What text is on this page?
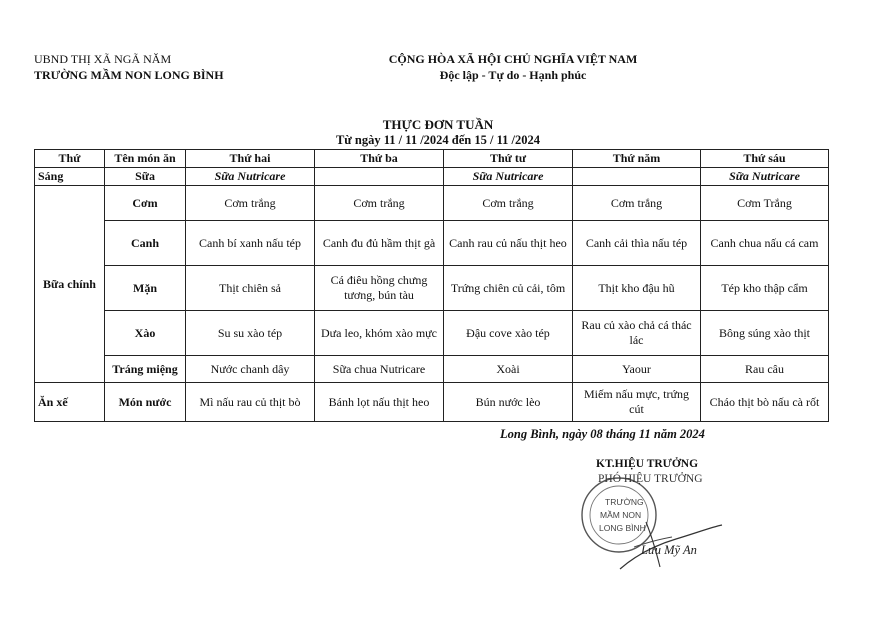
UBND THỊ XÃ NGÃ NĂM
TRƯỜNG MẦM NON LONG BÌNH
CỘNG HÒA XÃ HỘI CHỦ NGHĨA VIỆT NAM
Độc lập - Tự do - Hạnh phúc
THỰC ĐƠN TUẦN
Từ ngày 11 / 11 /2024 đến 15 / 11 /2024
Thứ	Tên món ăn	Thứ hai	Thứ ba	Thứ tư	Thứ năm	Thứ sáu
Sáng	Sữa	Sữa Nutricare		Sữa Nutricare		Sữa Nutricare
Bữa chính	Cơm	Cơm trắng	Cơm trắng	Cơm trắng	Cơm trắng	Cơm Trắng
	Canh	Canh bí xanh nấu tép	Canh đu đủ hầm thịt gà	Canh rau củ nấu thịt heo	Canh cải thìa nấu tép	Canh chua nấu cá cam
	Mặn	Thịt chiên sả	Cá điêu hồng chưng tương, bún tàu	Trứng chiên củ cải, tôm	Thịt kho đậu hũ	Tép kho thập cẩm
	Xào	Su su xào tép	Dưa leo, khóm xào mực	Đậu cove xào tép	Rau củ xào chả cá thác lác	Bông súng xào thịt
	Tráng miệng	Nước chanh dây	Sữa chua Nutricare	Xoài	Yaour	Rau câu
Ăn xế	Món nước	Mì nấu rau củ thịt bò	Bánh lọt nấu thịt heo	Bún nước lèo	Miếm nấu mực, trứng cút	Cháo thịt bò nấu cà rốt
Long Bình, ngày 08 tháng 11 năm 2024
TRƯỜNG
MẦM NON
LONG BÌNH
KT.HIỆU TRƯỞNG
PHÓ HIỆU TRƯỞNG
Lưu Mỹ An
